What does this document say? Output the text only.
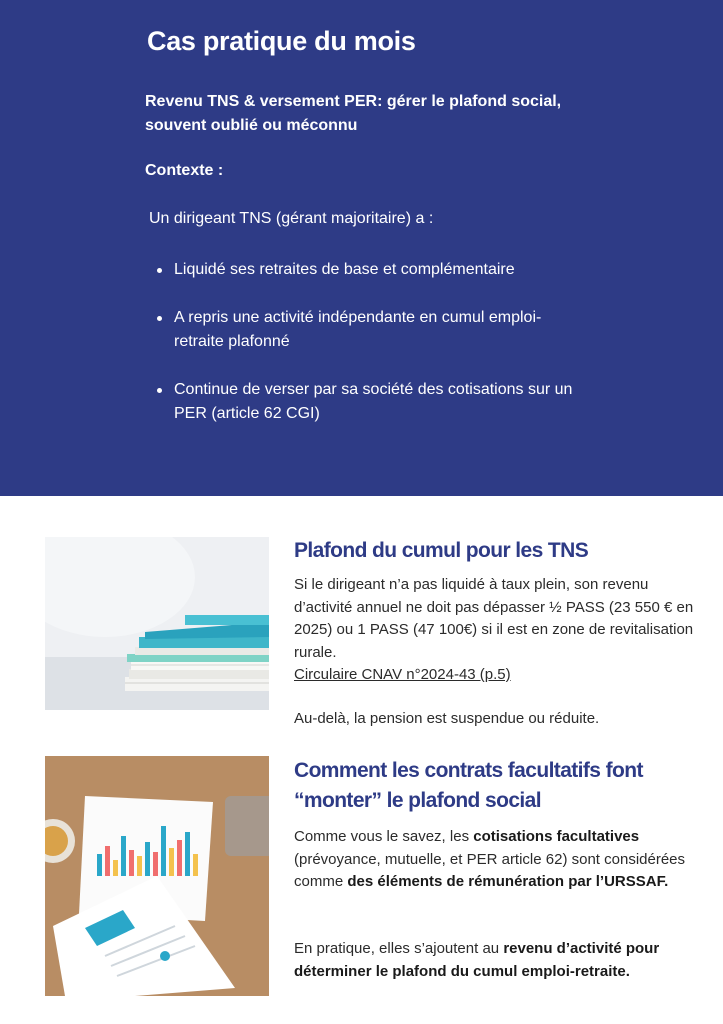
Cas pratique du mois
Revenu TNS & versement PER: gérer le plafond social, souvent oublié ou méconnu
Contexte :
Un dirigeant TNS (gérant majoritaire) a :
Liquidé ses retraites de base et complémentaire
A repris une activité indépendante en cumul emploi-retraite plafonné
Continue de verser par sa société des cotisations sur un PER (article 62 CGI)
Plafond du cumul pour les TNS
Si le dirigeant n’a pas liquidé à taux plein, son revenu d’activité annuel ne doit pas dépasser ½ PASS (23 550 € en 2025) ou 1 PASS (47 100€) si il est en zone de revitalisation rurale.
Circulaire CNAV n°2024-43 (p.5)
Au-delà, la pension est suspendue ou réduite.
Comment les contrats facultatifs font “monter” le plafond social
Comme vous le savez, les cotisations facultatives (prévoyance, mutuelle, et PER article 62) sont considérées comme des éléments de rémunération par l’URSSAF.
En pratique, elles s’ajoutent au revenu d’activité pour déterminer le plafond du cumul emploi-retraite.
